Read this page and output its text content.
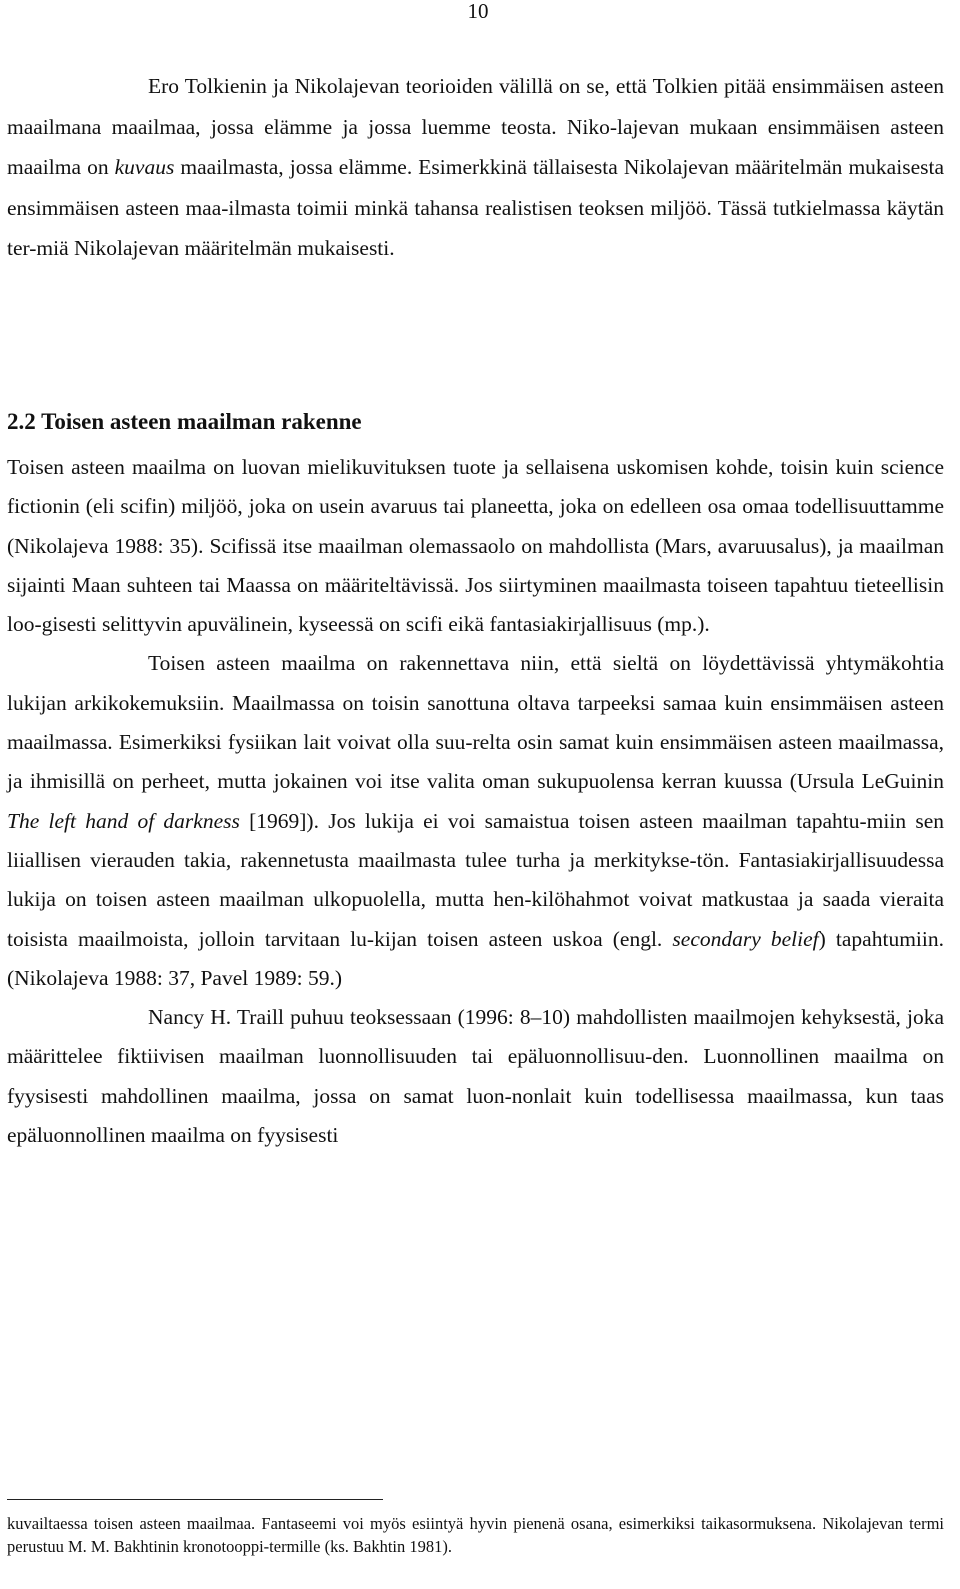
10

Ero Tolkienin ja Nikolajevan teorioiden välillä on se, että Tolkien pitää ensimmäisen asteen maailmana maailmaa, jossa elämme ja jossa luemme teosta. Niko-lajevan mukaan ensimmäisen asteen maailma on kuvaus maailmasta, jossa elämme. Esimerkkinä tällaisesta Nikolajevan määritelmän mukaisesta ensimmäisen asteen maa-ilmasta toimii minkä tahansa realistisen teoksen miljöö. Tässä tutkielmassa käytän ter-miä Nikolajevan määritelmän mukaisesti.

2.2 Toisen asteen maailman rakenne

Toisen asteen maailma on luovan mielikuvituksen tuote ja sellaisena uskomisen kohde, toisin kuin science fictionin (eli scifin) miljöö, joka on usein avaruus tai planeetta, joka on edelleen osa omaa todellisuuttamme (Nikolajeva 1988: 35). Scifissä itse maailman olemassaolo on mahdollista (Mars, avaruusalus), ja maailman sijainti Maan suhteen tai Maassa on määriteltävissä. Jos siirtyminen maailmasta toiseen tapahtuu tieteellisin loo-gisesti selittyvin apuvälinein, kyseessä on scifi eikä fantasiakirjallisuus (mp.).

Toisen asteen maailma on rakennettava niin, että sieltä on löydettävissä yhtymäkohtia lukijan arkikokemuksiin. Maailmassa on toisin sanottuna oltava tarpeeksi samaa kuin ensimmäisen asteen maailmassa. Esimerkiksi fysiikan lait voivat olla suu-relta osin samat kuin ensimmäisen asteen maailmassa, ja ihmisillä on perheet, mutta jokainen voi itse valita oman sukupuolensa kerran kuussa (Ursula LeGuinin The left hand of darkness [1969]). Jos lukija ei voi samaistua toisen asteen maailman tapahtu-miin sen liiallisen vierauden takia, rakennetusta maailmasta tulee turha ja merkitykse-tön. Fantasiakirjallisuudessa lukija on toisen asteen maailman ulkopuolella, mutta hen-kilöhahmot voivat matkustaa ja saada vieraita toisista maailmoista, jolloin tarvitaan lu-kijan toisen asteen uskoa (engl. secondary belief) tapahtumiin. (Nikolajeva 1988: 37, Pavel 1989: 59.)

Nancy H. Traill puhuu teoksessaan (1996: 8–10) mahdollisten maailmojen kehyksestä, joka määrittelee fiktiivisen maailman luonnollisuuden tai epäluonnollisuu-den. Luonnollinen maailma on fyysisesti mahdollinen maailma, jossa on samat luon-nonlait kuin todellisessa maailmassa, kun taas epäluonnollinen maailma on fyysisesti

kuvailtaessa toisen asteen maailmaa. Fantaseemi voi myös esiintyä hyvin pienenä osana, esimerkiksi taikasormuksena. Nikolajevan termi perustuu M. M. Bakhtinin kronotooppi-termille (ks. Bakhtin 1981).
